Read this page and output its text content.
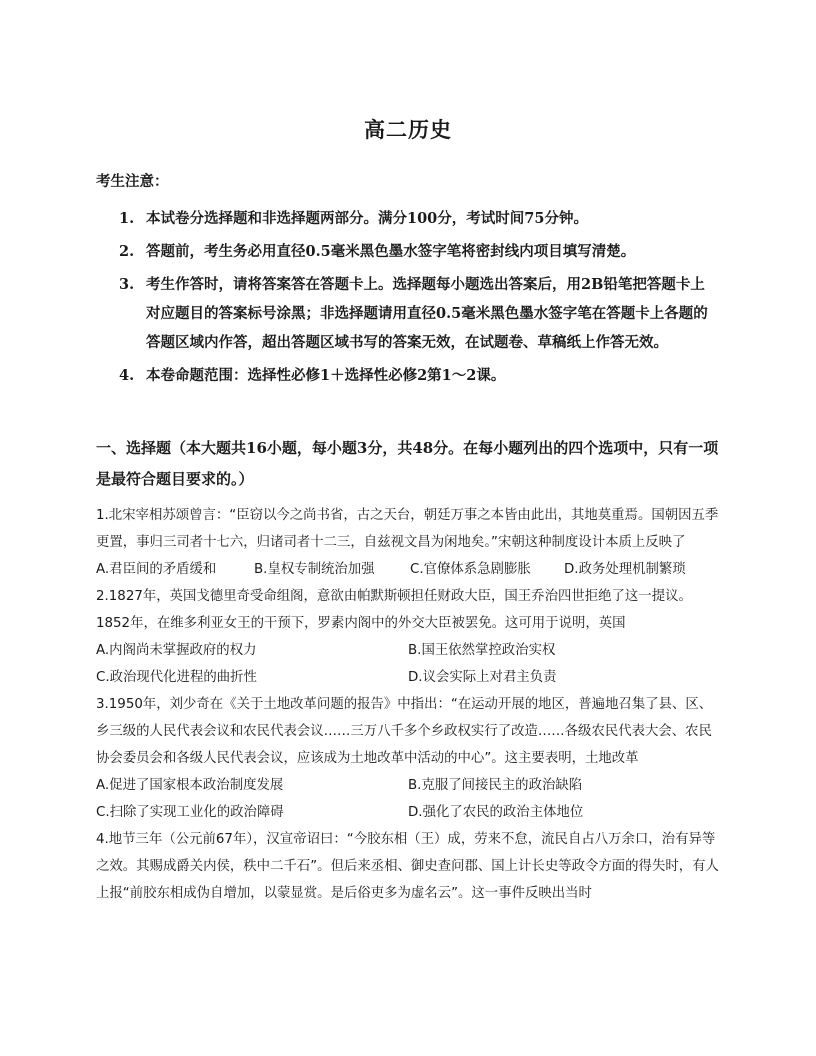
高二历史
考生注意：
1. 本试卷分选择题和非选择题两部分。满分100分，考试时间75分钟。
2. 答题前，考生务必用直径0.5毫米黑色墨水签字笔将密封线内项目填写清楚。
3. 考生作答时，请将答案答在答题卡上。选择题每小题选出答案后，用2B铅笔把答题卡上对应题目的答案标号涂黑；非选择题请用直径0.5毫米黑色墨水签字笔在答题卡上各题的答题区域内作答，超出答题区域书写的答案无效，在试题卷、草稿纸上作答无效。
4. 本卷命题范围：选择性必修1＋选择性必修2第1～2课。
一、选择题（本大题共16小题，每小题3分，共48分。在每小题列出的四个选项中，只有一项是最符合题目要求的。）

1.北宋宰相苏颂曾言：“臣窃以今之尚书省，古之天台，朝廷万事之本皆由此出，其地莫重焉。国朝因五季更置，事归三司者十七六，归诸司者十二三，自兹视文昌为闲地矣。”宋朝这种制度设计本质上反映了

A.君臣间的矛盾缓和	B.皇权专制统治加强	C.官僚体系急剧膨胀	D.政务处理机制繁琐

2.1827年，英国戈德里奇受命组阁，意欲由帕默斯顿担任财政大臣，国王乔治四世拒绝了这一提议。1852年，在维多利亚女王的干预下，罗素内阁中的外交大臣被罢免。这可用于说明，英国

A.内阁尚未掌握政府的权力	B.国王依然掌控政治实权
C.政治现代化进程的曲折性	D.议会实际上对君主负责

3.1950年，刘少奇在《关于土地改革问题的报告》中指出：“在运动开展的地区，普遍地召集了县、区、乡三级的人民代表会议和农民代表会议……三万八千多个乡政权实行了改造……各级农民代表大会、农民协会委员会和各级人民代表会议，应该成为土地改革中活动的中心”。这主要表明，土地改革

A.促进了国家根本政治制度发展	B.克服了间接民主的政治缺陷
C.扫除了实现工业化的政治障碍	D.强化了农民的政治主体地位

4.地节三年（公元前67年），汉宣帝诏曰：“今胶东相（王）成，劳来不怠，流民自占八万余口，治有异等之效。其赐成爵关内侯，秩中二千石”。但后来丞相、御史查问郡、国上计长史等政令方面的得失时，有人上报“前胶东相成伪自增加，以蒙显赏。是后俗吏多为虚名云”。这一事件反映出当时
